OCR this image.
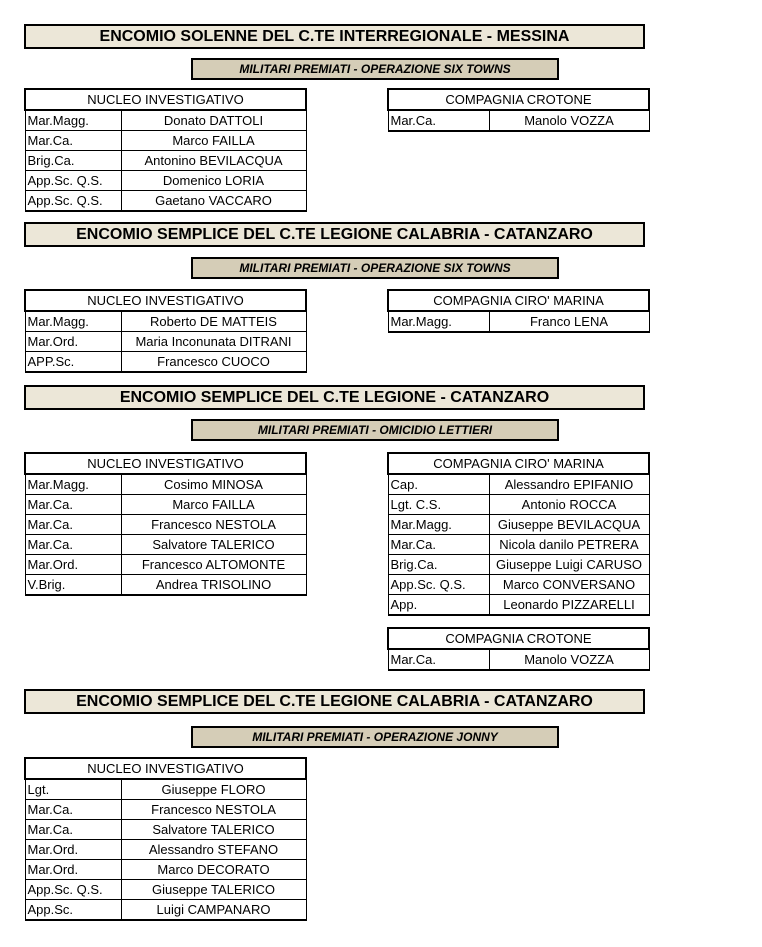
ENCOMIO SOLENNE DEL C.TE INTERREGIONALE - MESSINA
MILITARI PREMIATI - OPERAZIONE SIX TOWNS
NUCLEO INVESTIGATIVO	
Mar.Magg.	Donato DATTOLI
Mar.Ca.	Marco FAILLA
Brig.Ca.	Antonino BEVILACQUA
App.Sc. Q.S.	Domenico LORIA
App.Sc. Q.S.	Gaetano VACCARO
COMPAGNIA CROTONE
Mar.Ca.	Manolo VOZZA
ENCOMIO SEMPLICE DEL C.TE LEGIONE CALABRIA - CATANZARO
MILITARI PREMIATI - OPERAZIONE SIX TOWNS
NUCLEO INVESTIGATIVO	
Mar.Magg.	Roberto DE MATTEIS
Mar.Ord.	Maria Inconunata DITRANI
APP.Sc.	Francesco CUOCO
COMPAGNIA CIRO' MARINA
Mar.Magg.	Franco LENA
ENCOMIO SEMPLICE DEL C.TE LEGIONE - CATANZARO
MILITARI PREMIATI - OMICIDIO LETTIERI
NUCLEO INVESTIGATIVO	
Mar.Magg.	Cosimo MINOSA
Mar.Ca.	Marco FAILLA
Mar.Ca.	Francesco NESTOLA
Mar.Ca.	Salvatore TALERICO
Mar.Ord.	Francesco ALTOMONTE
V.Brig.	Andrea TRISOLINO
COMPAGNIA CIRO' MARINA	
Cap.	Alessandro EPIFANIO
Lgt. C.S.	Antonio ROCCA
Mar.Magg.	Giuseppe BEVILACQUA
Mar.Ca.	Nicola danilo PETRERA
Brig.Ca.	Giuseppe Luigi CARUSO
App.Sc. Q.S.	Marco CONVERSANO
App.	Leonardo PIZZARELLI
COMPAGNIA CROTONE
Mar.Ca.	Manolo VOZZA
ENCOMIO SEMPLICE DEL C.TE LEGIONE CALABRIA - CATANZARO
MILITARI PREMIATI - OPERAZIONE JONNY
NUCLEO INVESTIGATIVO	
Lgt.	Giuseppe FLORO
Mar.Ca.	Francesco NESTOLA
Mar.Ca.	Salvatore TALERICO
Mar.Ord.	Alessandro STEFANO
Mar.Ord.	Marco DECORATO
App.Sc. Q.S.	Giuseppe TALERICO
App.Sc.	Luigi CAMPANARO
